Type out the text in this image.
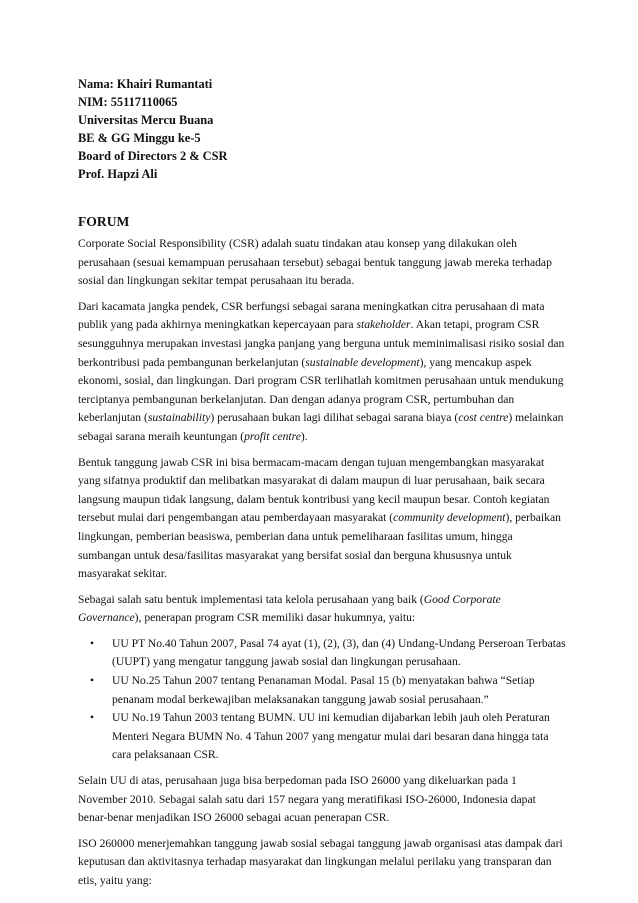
Nama: Khairi Rumantati
NIM: 55117110065
Universitas Mercu Buana
BE & GG Minggu ke-5
Board of Directors 2 & CSR
Prof. Hapzi Ali
FORUM

Corporate Social Responsibility (CSR) adalah suatu tindakan atau konsep yang dilakukan oleh perusahaan (sesuai kemampuan perusahaan tersebut) sebagai bentuk tanggung jawab mereka terhadap sosial dan lingkungan sekitar tempat perusahaan itu berada.

Dari kacamata jangka pendek, CSR berfungsi sebagai sarana meningkatkan citra perusahaan di mata publik yang pada akhirnya meningkatkan kepercayaan para stakeholder. Akan tetapi, program CSR sesungguhnya merupakan investasi jangka panjang yang berguna untuk meminimalisasi risiko sosial dan berkontribusi pada pembangunan berkelanjutan (sustainable development), yang mencakup aspek ekonomi, sosial, dan lingkungan. Dari program CSR terlihatlah komitmen perusahaan untuk mendukung terciptanya pembangunan berkelanjutan. Dan dengan adanya program CSR, pertumbuhan dan keberlanjutan (sustainability) perusahaan bukan lagi dilihat sebagai sarana biaya (cost centre) melainkan sebagai sarana meraih keuntungan (profit centre).

Bentuk tanggung jawab CSR ini bisa bermacam-macam dengan tujuan mengembangkan masyarakat yang sifatnya produktif dan melibatkan masyarakat di dalam maupun di luar perusahaan, baik secara langsung maupun tidak langsung, dalam bentuk kontribusi yang kecil maupun besar. Contoh kegiatan tersebut mulai dari pengembangan atau pemberdayaan masyarakat (community development), perbaikan lingkungan, pemberian beasiswa, pemberian dana untuk pemeliharaan fasilitas umum, hingga sumbangan untuk desa/fasilitas masyarakat yang bersifat sosial dan berguna khususnya untuk masyarakat sekitar.

Sebagai salah satu bentuk implementasi tata kelola perusahaan yang baik (Good Corporate Governance), penerapan program CSR memiliki dasar hukumnya, yaitu:

• UU PT No.40 Tahun 2007, Pasal 74 ayat (1), (2), (3), dan (4) Undang-Undang Perseroan Terbatas (UUPT) yang mengatur tanggung jawab sosial dan lingkungan perusahaan.
• UU No.25 Tahun 2007 tentang Penanaman Modal. Pasal 15 (b) menyatakan bahwa “Setiap penanam modal berkewajiban melaksanakan tanggung jawab sosial perusahaan.”
• UU No.19 Tahun 2003 tentang BUMN. UU ini kemudian dijabarkan lebih jauh oleh Peraturan Menteri Negara BUMN No. 4 Tahun 2007 yang mengatur mulai dari besaran dana hingga tata cara pelaksanaan CSR.

Selain UU di atas, perusahaan juga bisa berpedoman pada ISO 26000 yang dikeluarkan pada 1 November 2010. Sebagai salah satu dari 157 negara yang meratifikasi ISO-26000, Indonesia dapat benar-benar menjadikan ISO 26000 sebagai acuan penerapan CSR.

ISO 260000 menerjemahkan tanggung jawab sosial sebagai tanggung jawab organisasi atas dampak dari keputusan dan aktivitasnya terhadap masyarakat dan lingkungan melalui perilaku yang transparan dan etis, yaitu yang:
